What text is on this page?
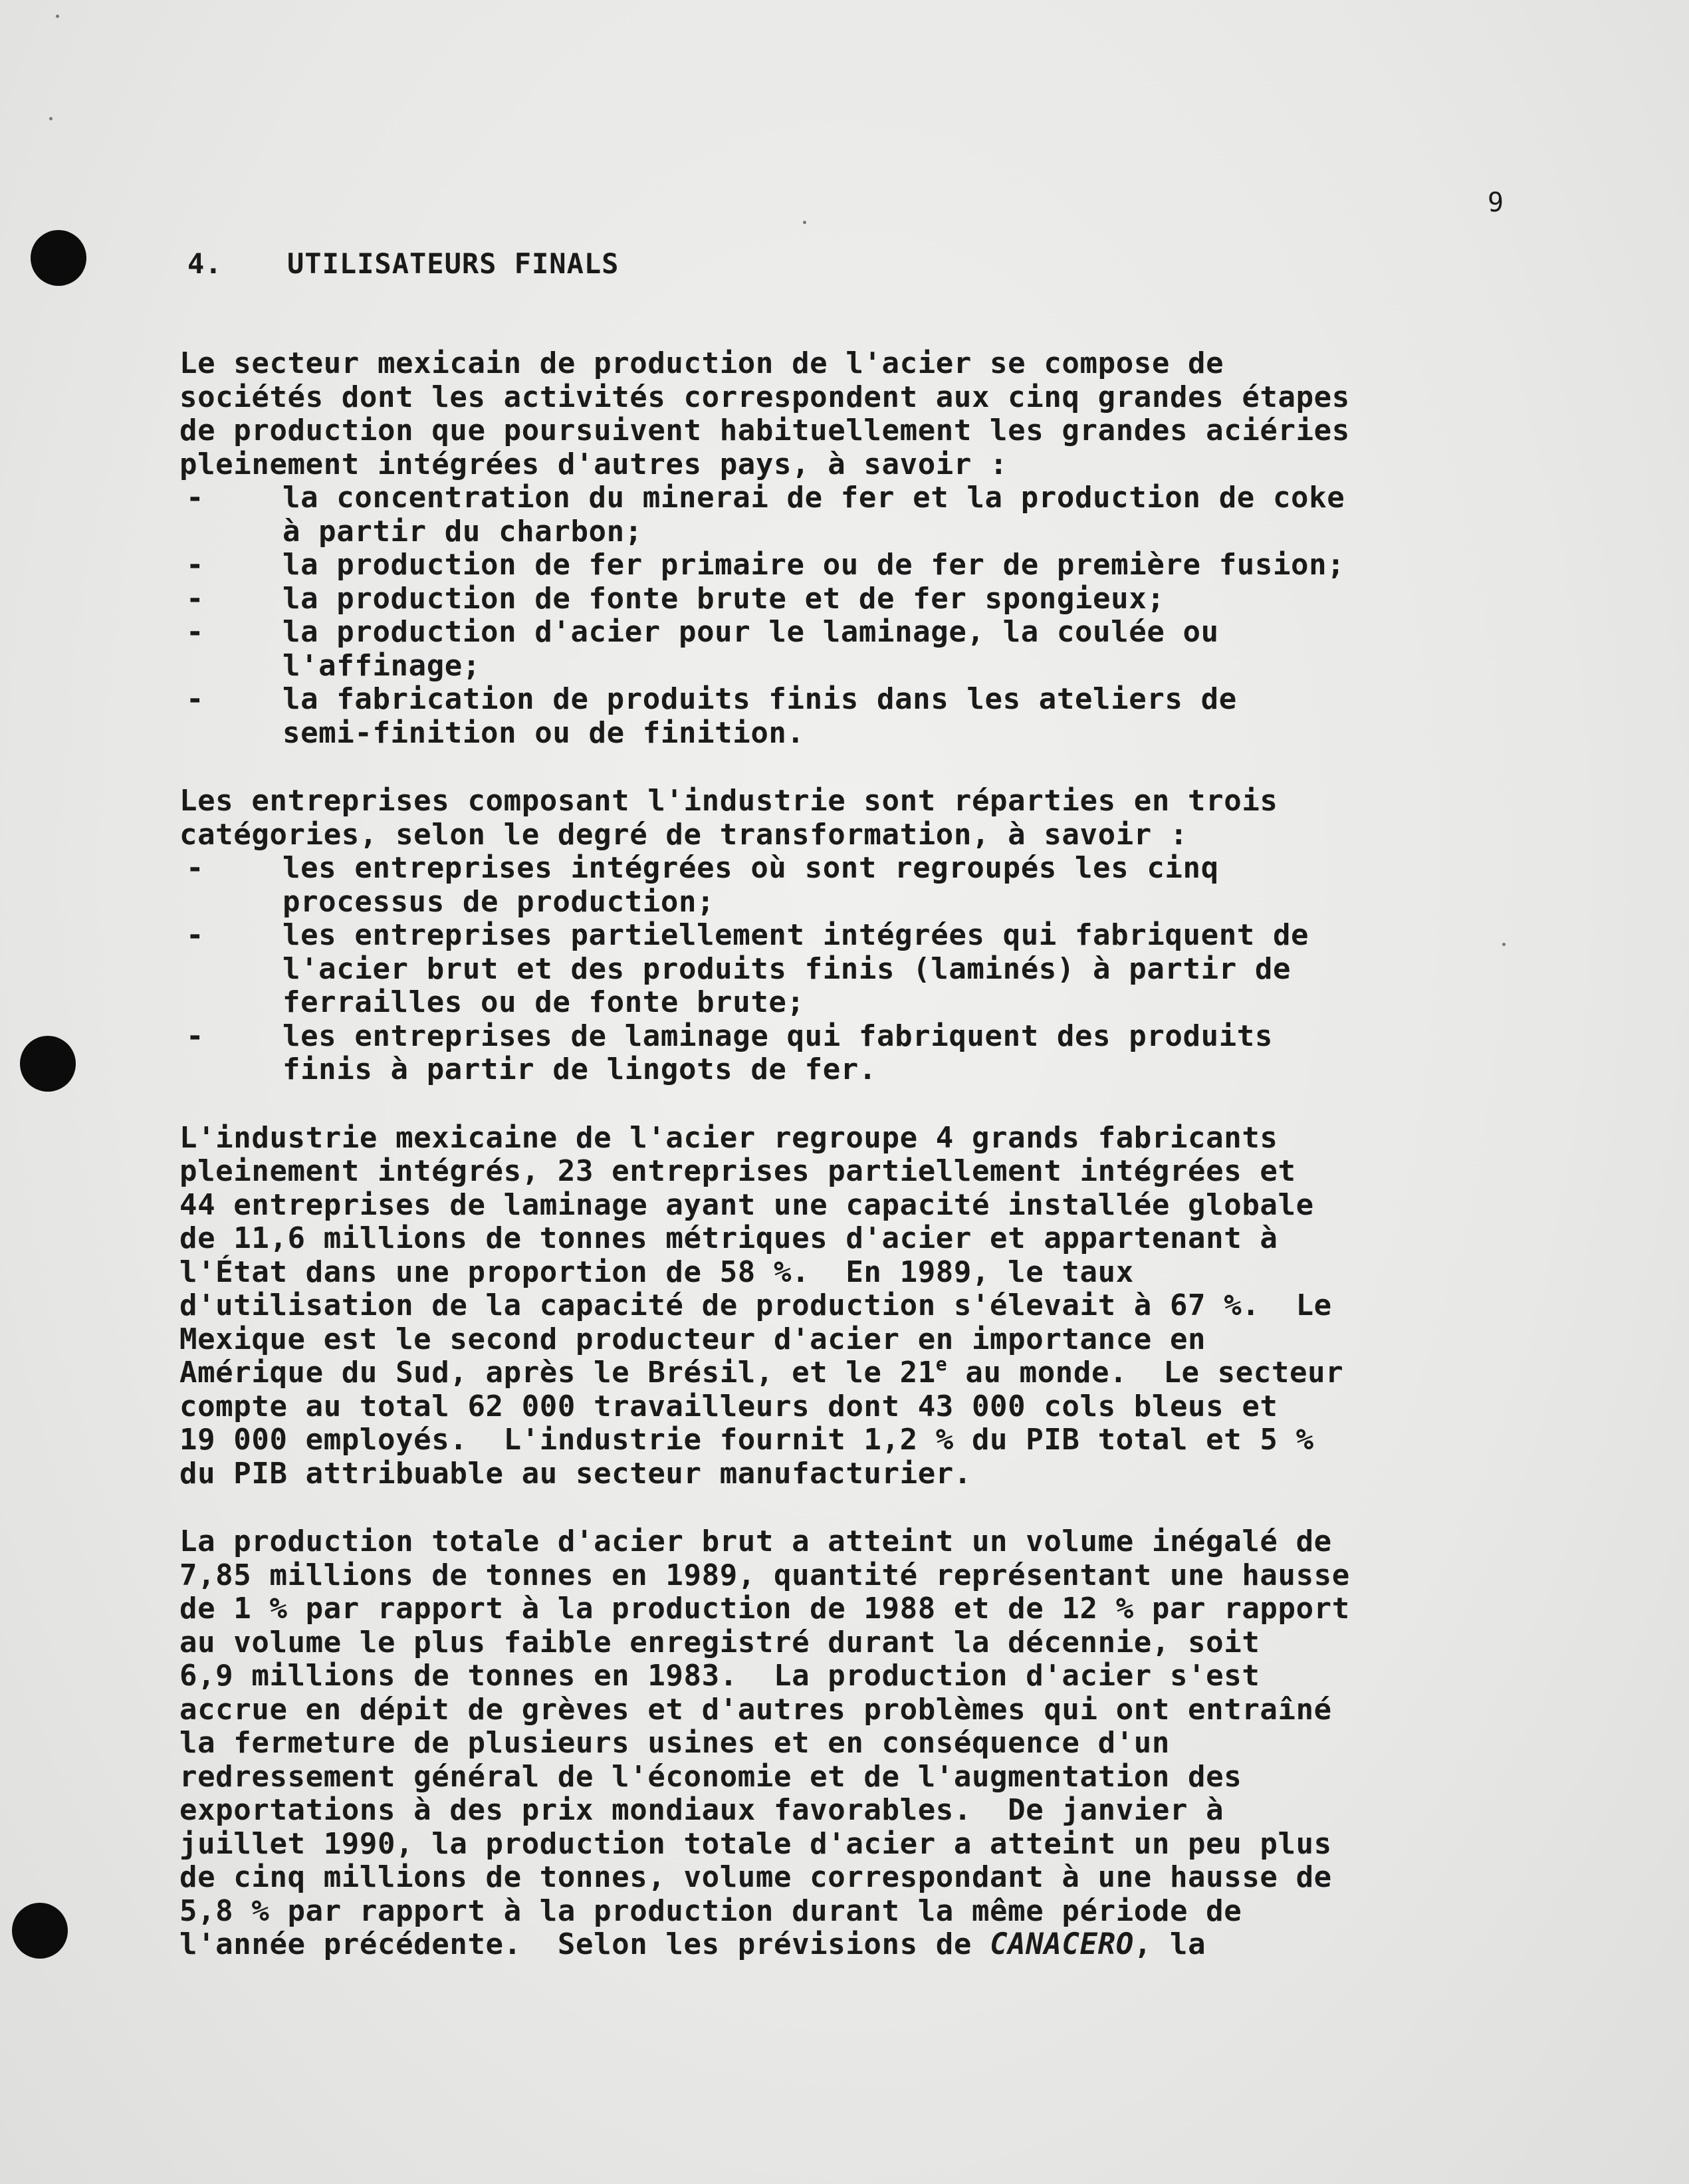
9
4. UTILISATEURS FINALS
Le secteur mexicain de production de l'acier se compose de
sociétés dont les activités correspondent aux cinq grandes étapes
de production que poursuivent habituellement les grandes aciéries
pleinement intégrées d'autres pays, à savoir :
-	la concentration du minerai de fer et la production de coke
à partir du charbon;
-	la production de fer primaire ou de fer de première fusion;
-	la production de fonte brute et de fer spongieux;
-	la production d'acier pour le laminage, la coulée ou
l'affinage;
-	la fabrication de produits finis dans les ateliers de
semi-finition ou de finition.
Les entreprises composant l'industrie sont réparties en trois
catégories, selon le degré de transformation, à savoir :
-	les entreprises intégrées où sont regroupés les cinq
processus de production;
-	les entreprises partiellement intégrées qui fabriquent de
l'acier brut et des produits finis (laminés) à partir de
ferrailles ou de fonte brute;
-	les entreprises de laminage qui fabriquent des produits
finis à partir de lingots de fer.
L'industrie mexicaine de l'acier regroupe 4 grands fabricants
pleinement intégrés, 23 entreprises partiellement intégrées et
44 entreprises de laminage ayant une capacité installée globale
de 11,6 millions de tonnes métriques d'acier et appartenant à
l'État dans une proportion de 58 %.  En 1989, le taux
d'utilisation de la capacité de production s'élevait à 67 %.  Le
Mexique est le second producteur d'acier en importance en
Amérique du Sud, après le Brésil, et le 21e au monde.  Le secteur
compte au total 62 000 travailleurs dont 43 000 cols bleus et
19 000 employés.  L'industrie fournit 1,2 % du PIB total et 5 %
du PIB attribuable au secteur manufacturier.
La production totale d'acier brut a atteint un volume inégalé de
7,85 millions de tonnes en 1989, quantité représentant une hausse
de 1 % par rapport à la production de 1988 et de 12 % par rapport
au volume le plus faible enregistré durant la décennie, soit
6,9 millions de tonnes en 1983.  La production d'acier s'est
accrue en dépit de grèves et d'autres problèmes qui ont entraîné
la fermeture de plusieurs usines et en conséquence d'un
redressement général de l'économie et de l'augmentation des
exportations à des prix mondiaux favorables.  De janvier à
juillet 1990, la production totale d'acier a atteint un peu plus
de cinq millions de tonnes, volume correspondant à une hausse de
5,8 % par rapport à la production durant la même période de
l'année précédente.  Selon les prévisions de CANACERO, la
